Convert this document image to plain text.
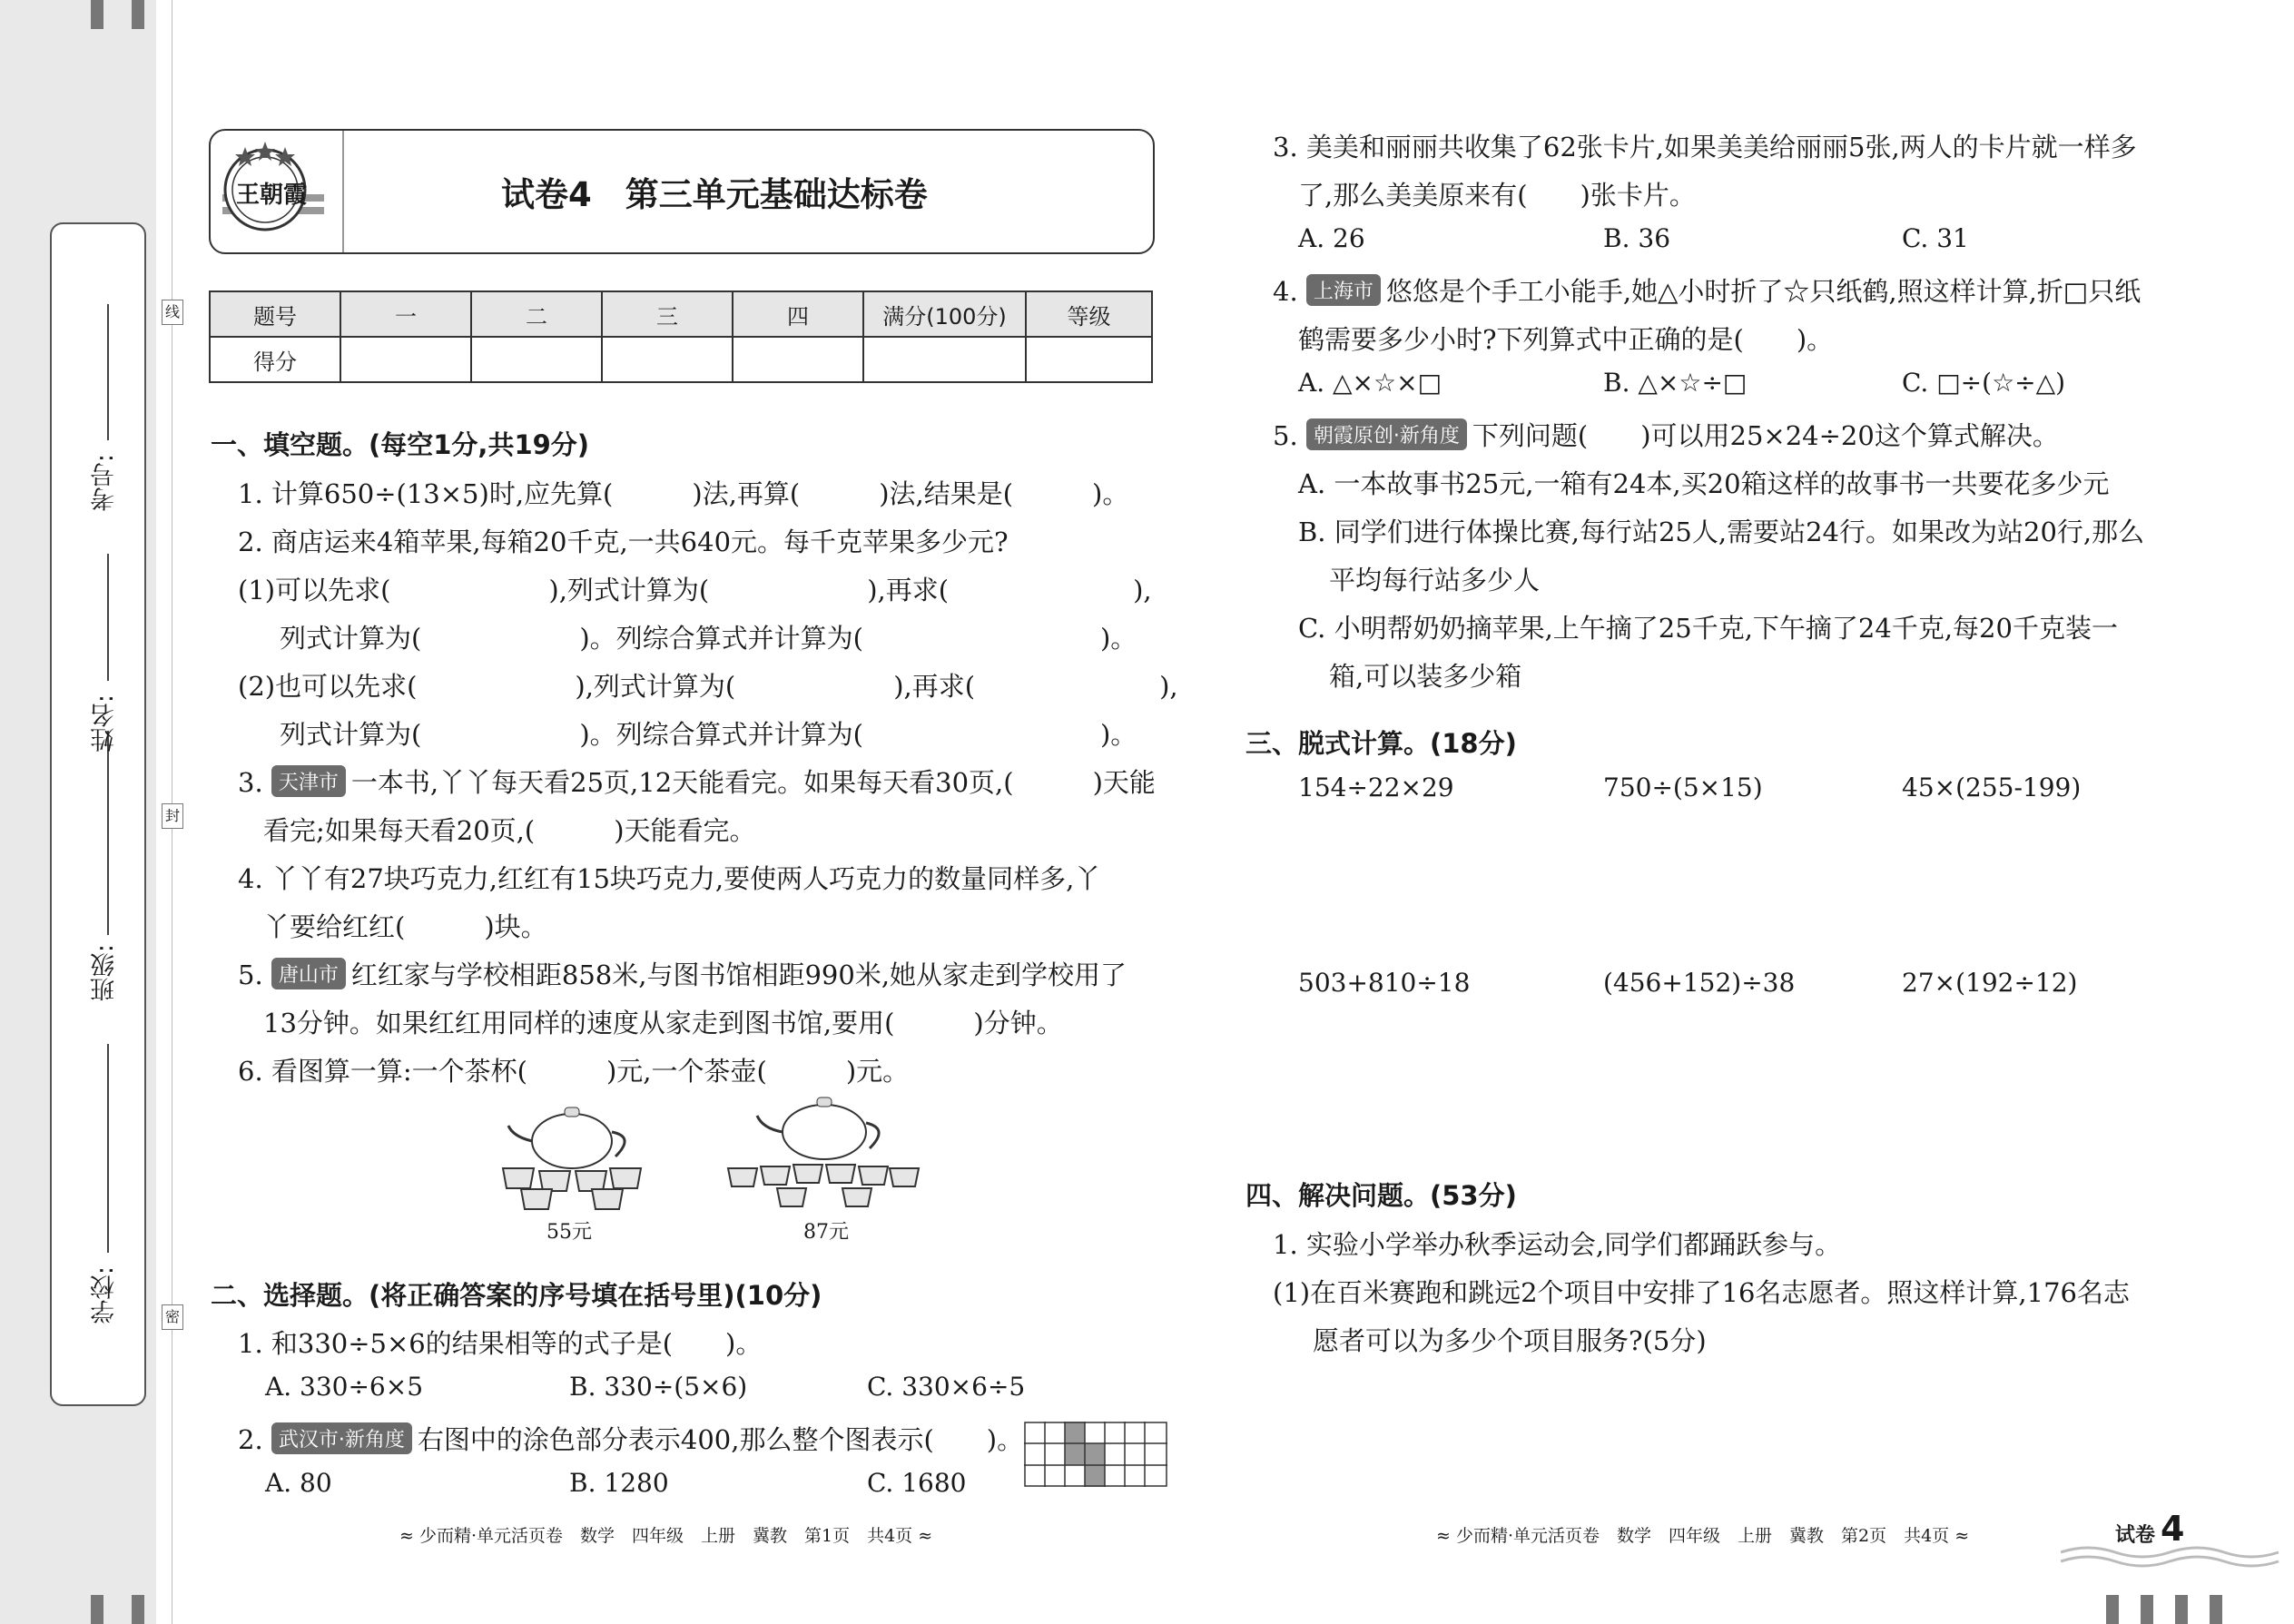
学校:
班级:
姓名:
考号:
线
封
密
王朝霞	试卷4　第三单元基础达标卷
题号	一	二	三	四	满分(100分)	等级
得分						
一、填空题。(每空1分,共19分)
1. 计算650÷(13×5)时,应先算(　　　)法,再算(　　　)法,结果是(　　　)。
2. 商店运来4箱苹果,每箱20千克,一共640元。每千克苹果多少元?
(1)可以先求(　　　　　　),列式计算为(　　　　　　),再求(　　　　　　　),
列式计算为(　　　　　　)。列综合算式并计算为(　　　　　　　　　)。
(2)也可以先求(　　　　　　),列式计算为(　　　　　　),再求(　　　　　　　),
列式计算为(　　　　　　)。列综合算式并计算为(　　　　　　　　　)。
3. 天津市 一本书,丫丫每天看25页,12天能看完。如果每天看30页,(　　　)天能
看完;如果每天看20页,(　　　)天能看完。
4. 丫丫有27块巧克力,红红有15块巧克力,要使两人巧克力的数量同样多,丫
丫要给红红(　　　)块。
5. 唐山市 红红家与学校相距858米,与图书馆相距990米,她从家走到学校用了
13分钟。如果红红用同样的速度从家走到图书馆,要用(　　　)分钟。
6. 看图算一算:一个茶杯(　　　)元,一个茶壶(　　　)元。
55元	87元
二、选择题。(将正确答案的序号填在括号里)(10分)
1. 和330÷5×6的结果相等的式子是(　　)。
A. 330÷6×5	B. 330÷(5×6)	C. 330×6÷5
2. 武汉市·新角度 右图中的涂色部分表示400,那么整个图表示(　　)。
A. 80	B. 1280	C. 1680
≈ 少而精·单元活页卷　数学　四年级　上册　冀教　第1页　共4页 ≈
3. 美美和丽丽共收集了62张卡片,如果美美给丽丽5张,两人的卡片就一样多
了,那么美美原来有(　　)张卡片。
A. 26	B. 36	C. 31
4. 上海市 悠悠是个手工小能手,她△小时折了☆只纸鹤,照这样计算,折□只纸
鹤需要多少小时?下列算式中正确的是(　　)。
A. △×☆×□	B. △×☆÷□	C. □÷(☆÷△)
5. 朝霞原创·新角度 下列问题(　　)可以用25×24÷20这个算式解决。
A. 一本故事书25元,一箱有24本,买20箱这样的故事书一共要花多少元
B. 同学们进行体操比赛,每行站25人,需要站24行。如果改为站20行,那么
平均每行站多少人
C. 小明帮奶奶摘苹果,上午摘了25千克,下午摘了24千克,每20千克装一
箱,可以装多少箱
三、脱式计算。(18分)
154÷22×29	750÷(5×15)	45×(255-199)
503+810÷18	(456+152)÷38	27×(192÷12)
四、解决问题。(53分)
1. 实验小学举办秋季运动会,同学们都踊跃参与。
(1)在百米赛跑和跳远2个项目中安排了16名志愿者。照这样计算,176名志
愿者可以为多少个项目服务?(5分)
≈ 少而精·单元活页卷　数学　四年级　上册　冀教　第2页　共4页 ≈	试卷 4
